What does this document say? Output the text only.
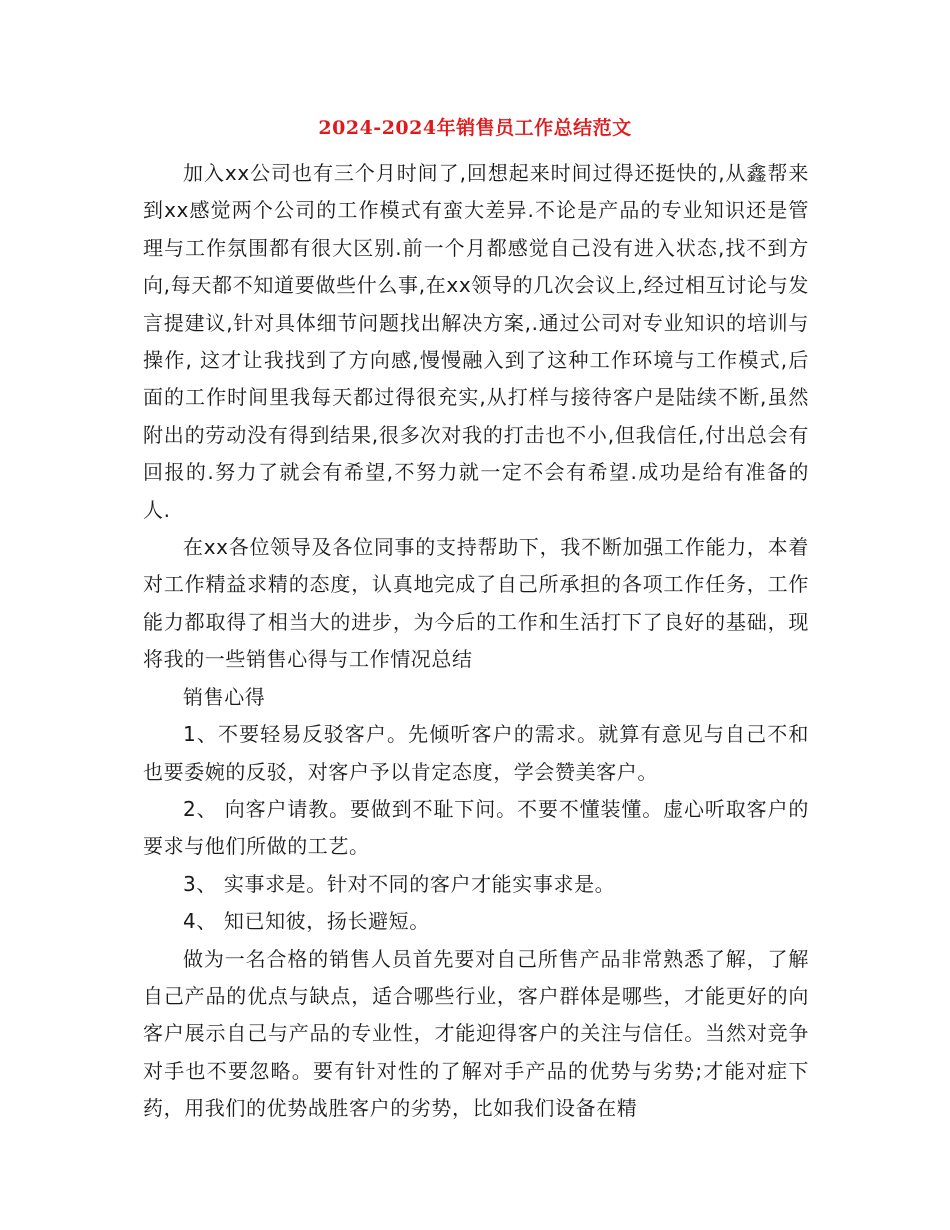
2024-2024年销售员工作总结范文

加入xx公司也有三个月时间了,回想起来时间过得还挺快的,从鑫帮来到xx感觉两个公司的工作模式有蛮大差异.不论是产品的专业知识还是管理与工作氛围都有很大区别.前一个月都感觉自己没有进入状态,找不到方向,每天都不知道要做些什么事,在xx领导的几次会议上,经过相互讨论与发言提建议,针对具体细节问题找出解决方案,.通过公司对专业知识的培训与操作, 这才让我找到了方向感,慢慢融入到了这种工作环境与工作模式,后面的工作时间里我每天都过得很充实,从打样与接待客户是陆续不断,虽然附出的劳动没有得到结果,很多次对我的打击也不小,但我信任,付出总会有回报的.努力了就会有希望,不努力就一定不会有希望.成功是给有准备的人.

在xx各位领导及各位同事的支持帮助下，我不断加强工作能力，本着对工作精益求精的态度，认真地完成了自己所承担的各项工作任务，工作能力都取得了相当大的进步，为今后的工作和生活打下了良好的基础，现将我的一些销售心得与工作情况总结

销售心得

1、不要轻易反驳客户。先倾听客户的需求。就算有意见与自己不和也要委婉的反驳，对客户予以肯定态度，学会赞美客户。

2、 向客户请教。要做到不耻下问。不要不懂装懂。虚心听取客户的要求与他们所做的工艺。

3、 实事求是。针对不同的客户才能实事求是。

4、 知已知彼，扬长避短。

做为一名合格的销售人员首先要对自己所售产品非常熟悉了解，了解自己产品的优点与缺点，适合哪些行业，客户群体是哪些，才能更好的向客户展示自己与产品的专业性，才能迎得客户的关注与信任。当然对竞争对手也不要忽略。要有针对性的了解对手产品的优势与劣势;才能对症下药，用我们的优势战胜客户的劣势，比如我们设备在精
